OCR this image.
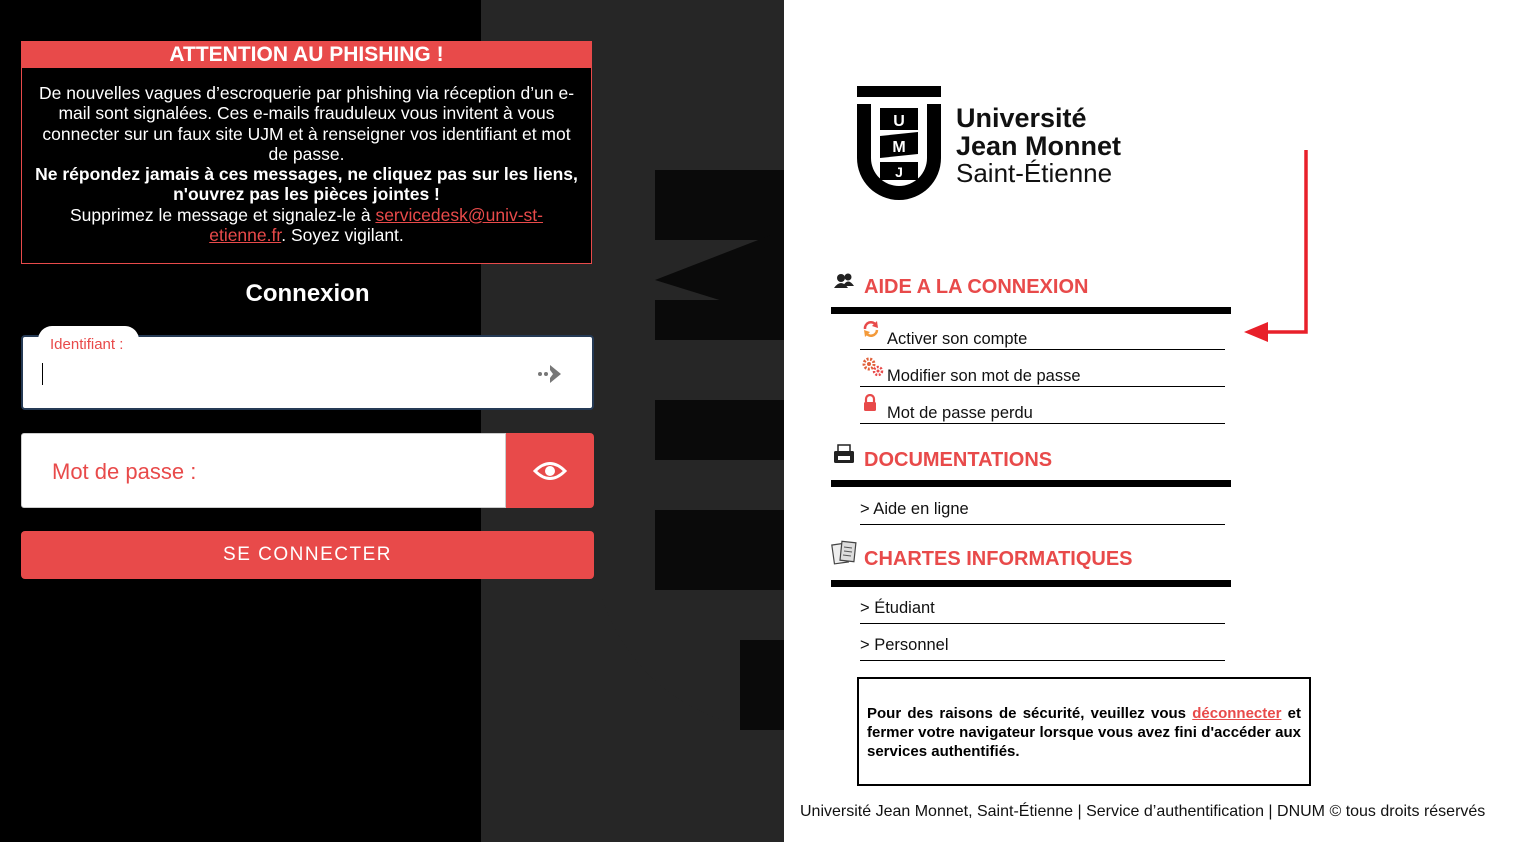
ATTENTION AU PHISHING !
De nouvelles vagues d’escroquerie par phishing via réception d’un e-mail sont signalées. Ces e-mails frauduleux vous invitent à vous connecter sur un faux site UJM et à renseigner vos identifiant et mot de passe.
Ne répondez jamais à ces messages, ne cliquez pas sur les liens, n'ouvrez pas les pièces jointes !
Supprimez le message et signalez-le à servicedesk@univ-st-etienne.fr. Soyez vigilant.
Connexion
Identifiant :
Mot de passe :
SE CONNECTER
U
M
J
Université
Jean Monnet
Saint-Étienne
AIDE A LA CONNEXION
Activer son compte
Modifier son mot de passe
Mot de passe perdu
DOCUMENTATIONS
> Aide en ligne
CHARTES INFORMATIQUES
> Étudiant
> Personnel
Pour des raisons de sécurité, veuillez vous déconnecter et fermer votre navigateur lorsque vous avez fini d'accéder aux services authentifiés.
Université Jean Monnet, Saint-Étienne | Service d’authentification | DNUM © tous droits réservés
